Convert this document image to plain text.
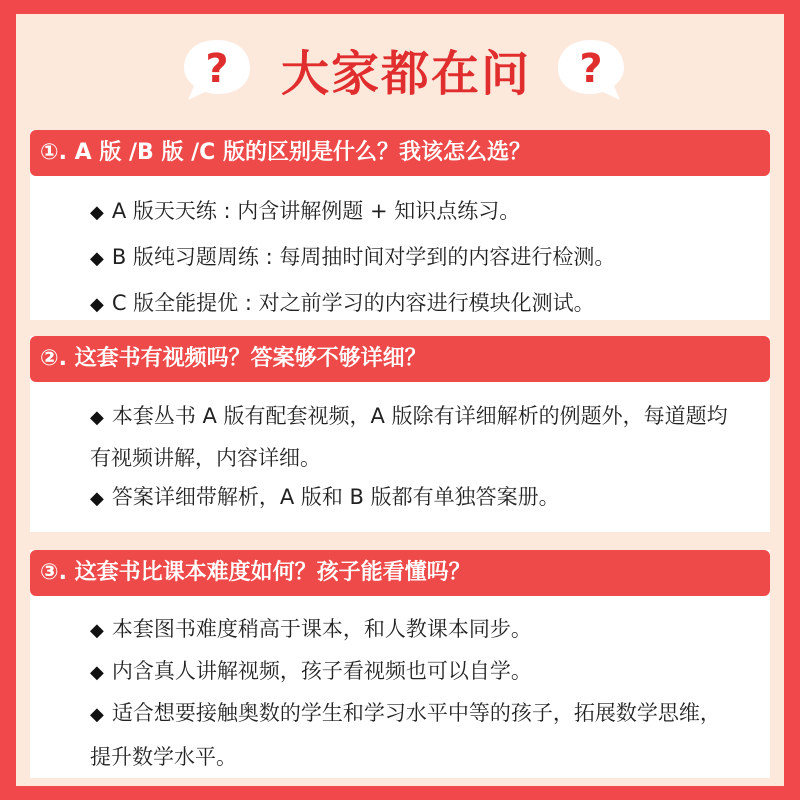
? 大家都在问	?
①. A 版 /B 版 /C 版的区别是什么？我该怎么选？
◆ A 版天天练 : 内含讲解例题 + 知识点练习。
◆ B 版纯习题周练 : 每周抽时间对学到的内容进行检测。
◆ C 版全能提优 : 对之前学习的内容进行模块化测试。
②. 这套书有视频吗？答案够不够详细？
◆ 本套丛书 A 版有配套视频，A 版除有详细解析的例题外，每道题均有视频讲解，内容详细。
◆ 答案详细带解析，A 版和 B 版都有单独答案册。
③. 这套书比课本难度如何？孩子能看懂吗？
◆ 本套图书难度稍高于课本，和人教课本同步。
◆ 内含真人讲解视频，孩子看视频也可以自学。
◆ 适合想要接触奥数的学生和学习水平中等的孩子，拓展数学思维，提升数学水平。
